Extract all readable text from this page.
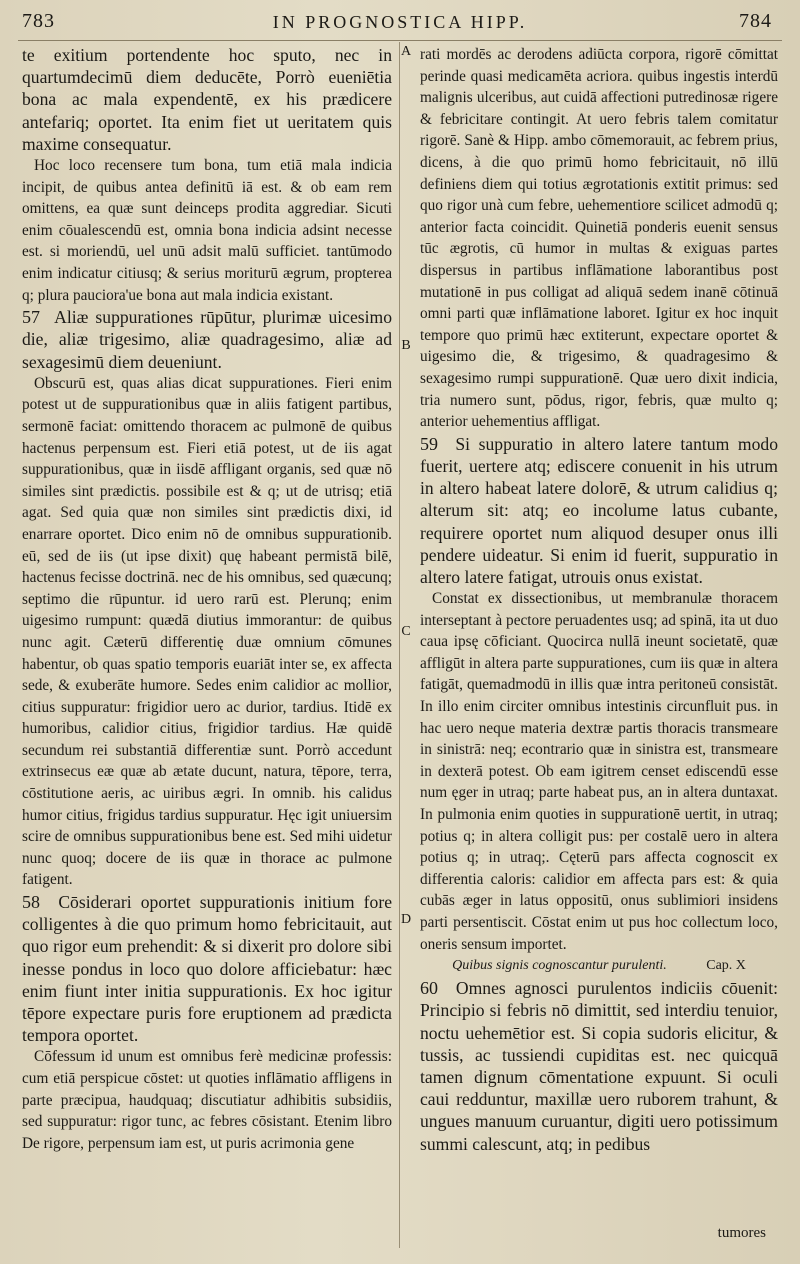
783	IN PROGNOSTICA HIPP.	784
A
B
C
D

te exitium portendente hoc sputo, nec in quartumdecimū diem deducēte, Porrò eueniētia bona ac mala expendentē, ex his prædicere antefariq; oportet. Ita enim fiet ut ueritatem quis maxime consequatur.

Hoc loco recensere tum bona, tum etiā mala indicia incipit, de quibus antea definitū iā est. & ob eam rem omittens, ea quæ sunt deinceps prodita aggrediar. Sicuti enim cōualescendū est, omnia bona indicia adsint necesse est. si moriendū, uel unū adsit malū sufficiet. tantūmodo enim indicatur citiusq; & serius moriturū ægrum, propterea q; plura pauciora'ue bona aut mala indicia existant.

57 Aliæ suppurationes rūpūtur, plurimæ uicesimo die, aliæ trigesimo, aliæ quadragesimo, aliæ ad sexagesimū diem deueniunt.

Obscurū est, quas alias dicat suppurationes. Fieri enim potest ut de suppurationibus quæ in aliis fatigent partibus, sermonē faciat: omittendo thoracem ac pulmonē de quibus hactenus perpensum est. Fieri etiā potest, ut de iis agat suppurationibus, quæ in iisdē affligant organis, sed quæ nō similes sint prædictis. possibile est & q; ut de utrisq; etiā agat. Sed quia quæ non similes sint prædictis dixi, id enarrare oportet. Dico enim nō de omnibus suppurationib. eū, sed de iis (ut ipse dixit) quę habeant permistā bilē, hactenus fecisse doctrinā. nec de his omnibus, sed quæcunq; septimo die rūpuntur. id uero rarū est. Plerunq; enim uigesimo rumpunt: quædā diutius immorantur: de quibus nunc agit. Cæterū differentię duæ omnium cōmunes habentur, ob quas spatio temporis euariāt inter se, ex affecta sede, & exuberāte humore. Sedes enim calidior ac mollior, citius suppuratur: frigidior uero ac durior, tardius. Itidē ex humoribus, calidior citius, frigidior tardius. Hæ quidē secundum rei substantiā differentiæ sunt. Porrò accedunt extrinsecus eæ quæ ab ætate ducunt, natura, tēpore, terra, cōstitutione aeris, ac uiribus ægri. In omnib. his calidus humor citius, frigidus tardius suppuratur. Hęc igit uniuersim scire de omnibus suppurationibus bene est. Sed mihi uidetur nunc quoq; docere de iis quæ in thorace ac pulmone fatigent.

58 Cōsiderari oportet suppurationis initium fore colligentes à die quo primum homo febricitauit, aut quo rigor eum prehendit: & si dixerit pro dolore sibi inesse pondus in loco quo dolore afficiebatur: hæc enim fiunt inter initia suppurationis. Ex hoc igitur tēpore expectare puris fore eruptionem ad prædicta tempora oportet.

Cōfessum id unum est omnibus ferè medicinæ professis: cum etiā perspicue cōstet: ut quoties inflāmatio affligens in parte præcipua, haudquaq; discutiatur adhibitis subsidiis, sed suppuratur: rigor tunc, ac febres cōsistant. Etenim libro De rigore, perpensum iam est, ut puris acrimonia gene

rati mordēs ac derodens adiūcta corpora, rigorē cōmittat perinde quasi medicamēta acriora. quibus ingestis interdū malignis ulceribus, aut cuidā affectioni putredinosæ rigere & febricitare contingit. At uero febris talem comitatur rigorē. Sanè & Hipp. ambo cōmemorauit, ac febrem prius, dicens, à die quo primū homo febricitauit, nō illū definiens diem qui totius ægrotationis extitit primus: sed quo rigor unà cum febre, uehementiore scilicet admodū q; anterior facta coincidit. Quinetiā ponderis euenit sensus tūc ægrotis, cū humor in multas & exiguas partes dispersus in partibus inflāmatione laborantibus post mutationē in pus colligat ad aliquā sedem inanē cōtinuā omni parti quæ inflāmatione laboret. Igitur ex hoc inquit tempore quo primū hæc extiterunt, expectare oportet & uigesimo die, & trigesimo, & quadragesimo & sexagesimo rumpi suppurationē. Quæ uero dixit indicia, tria numero sunt, pōdus, rigor, febris, quæ multo q; anterior uehementius affligat.

59 Si suppuratio in altero latere tantum modo fuerit, uertere atq; ediscere conuenit in his utrum in altero habeat latere dolorē, & utrum calidius q; alterum sit: atq; eo incolume latus cubante, requirere oportet num aliquod desuper onus illi pendere uideatur. Si enim id fuerit, suppuratio in altero latere fatigat, utrouis onus existat.

Constat ex dissectionibus, ut membranulæ thoracem interseptant à pectore peruadentes usq; ad spinā, ita ut duo caua ipsę cōficiant. Quocirca nullā ineunt societatē, quæ affligūt in altera parte suppurationes, cum iis quæ in altera fatigāt, quemadmodū in illis quæ intra peritoneū consistāt. In illo enim circiter omnibus intestinis circunfluit pus. in hac uero neque materia dextræ partis thoracis transmeare in sinistrā: neq; econtrario quæ in sinistra est, transmeare in dexterā potest. Ob eam igitrem censet ediscendū esse num ęger in utraq; parte habeat pus, an in altera duntaxat. In pulmonia enim quoties in suppurationē uertit, in utraq; potius q; in altera colligit pus: per costalē uero in altera potius q; in utraq;. Cęterū pars affecta cognoscit ex differentia caloris: calidior em affecta pars est: & quia cubās æger in latus oppositū, onus sublimiori insidens parti persentiscit. Cōstat enim ut pus hoc collectum loco, oneris sensum importet.

Quibus signis cognoscantur purulenti.	Cap. X

60 Omnes agnosci purulentos indiciis cōuenit: Principio si febris nō dimittit, sed interdiu tenuior, noctu uehemētior est. Si copia sudoris elicitur, & tussis, ac tussiendi cupiditas est. nec quicquā tamen dignum cōmentatione expuunt. Si oculi caui redduntur, maxillæ uero ruborem trahunt, & ungues manuum curuantur, digiti uero potissimum summi calescunt, atq; in pedibus

tumores
